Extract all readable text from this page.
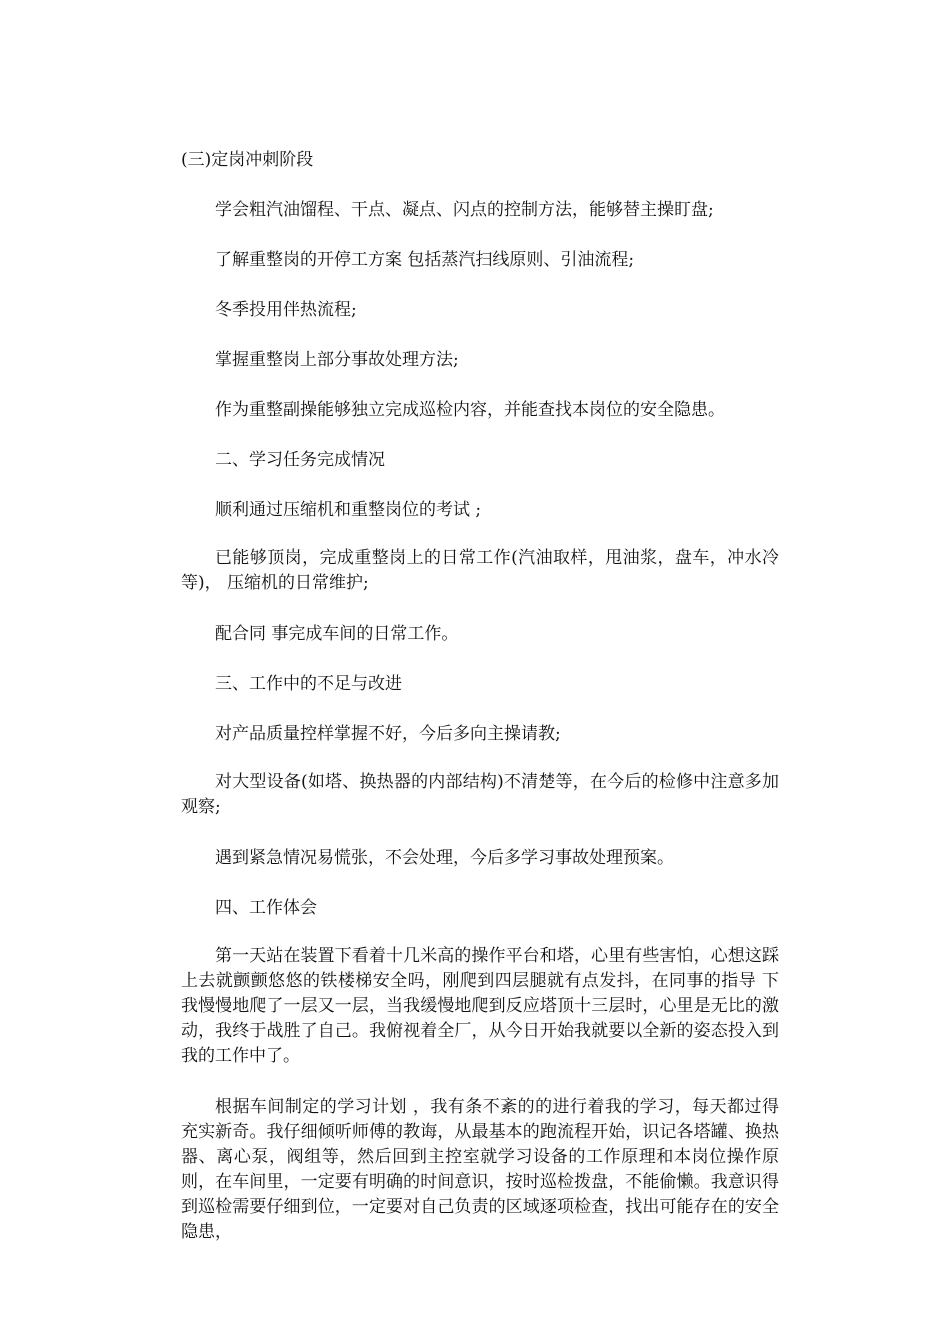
(三)定岗冲刺阶段
学会粗汽油馏程、干点、凝点、闪点的控制方法，能够替主操盯盘;
了解重整岗的开停工方案 包括蒸汽扫线原则、引油流程;
冬季投用伴热流程;
掌握重整岗上部分事故处理方法;
作为重整副操能够独立完成巡检内容，并能查找本岗位的安全隐患。
二、学习任务完成情况
顺利通过压缩机和重整岗位的考试 ;
已能够顶岗，完成重整岗上的日常工作(汽油取样，甩油浆，盘车，冲水冷等)， 压缩机的日常维护;
配合同 事完成车间的日常工作。
三、工作中的不足与改进
对产品质量控样掌握不好，今后多向主操请教;
对大型设备(如塔、换热器的内部结构)不清楚等，在今后的检修中注意多加观察;
遇到紧急情况易慌张，不会处理，今后多学习事故处理预案。
四、工作体会
第一天站在装置下看着十几米高的操作平台和塔，心里有些害怕，心想这踩上去就颤颤悠悠的铁楼梯安全吗，刚爬到四层腿就有点发抖，在同事的指导 下我慢慢地爬了一层又一层，当我缓慢地爬到反应塔顶十三层时，心里是无比的激动，我终于战胜了自己。我俯视着全厂，从今日开始我就要以全新的姿态投入到我的工作中了。
根据车间制定的学习计划 ，我有条不紊的的进行着我的学习，每天都过得充实新奇。我仔细倾听师傅的教诲，从最基本的跑流程开始，识记各塔罐、换热器、离心泵，阀组等，然后回到主控室就学习设备的工作原理和本岗位操作原则，在车间里，一定要有明确的时间意识，按时巡检拨盘，不能偷懒。我意识得到巡检需要仔细到位，一定要对自己负责的区域逐项检查，找出可能存在的安全隐患，
